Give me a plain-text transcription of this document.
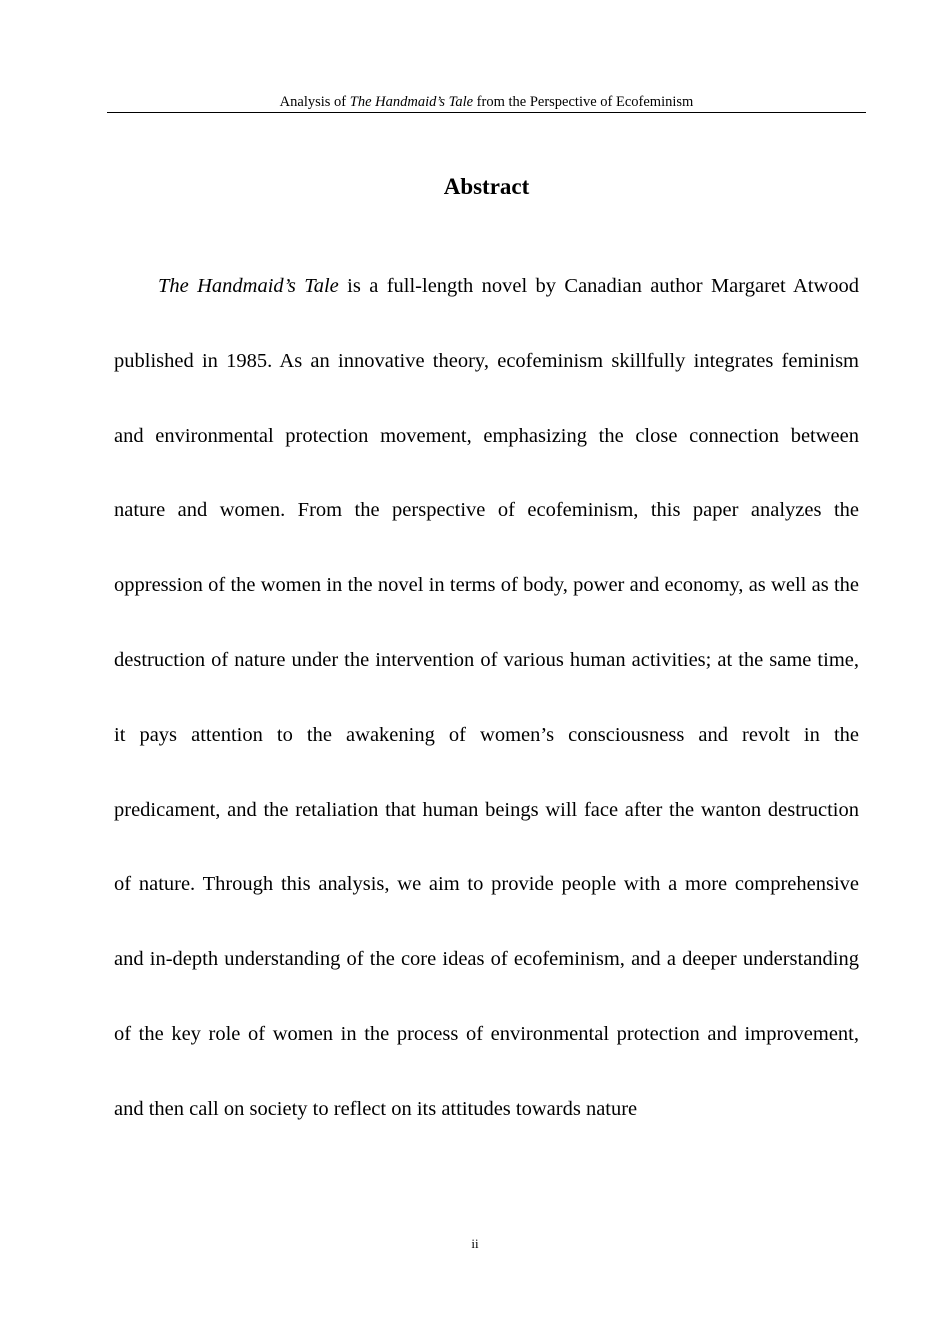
Analysis of The Handmaid’s Tale from the Perspective of Ecofeminism
Abstract

The Handmaid’s Tale is a full-length novel by Canadian author Margaret Atwood published in 1985. As an innovative theory, ecofeminism skillfully integrates feminism and environmental protection movement, emphasizing the close connection between nature and women. From the perspective of ecofeminism, this paper analyzes the oppression of the women in the novel in terms of body, power and economy, as well as the destruction of nature under the intervention of various human activities; at the same time, it pays attention to the awakening of women’s consciousness and revolt in the predicament, and the retaliation that human beings will face after the wanton destruction of nature. Through this analysis, we aim to provide people with a more comprehensive and in-depth understanding of the core ideas of ecofeminism, and a deeper understanding of the key role of women in the process of environmental protection and improvement, and then call on society to reflect on its attitudes towards nature

ii
